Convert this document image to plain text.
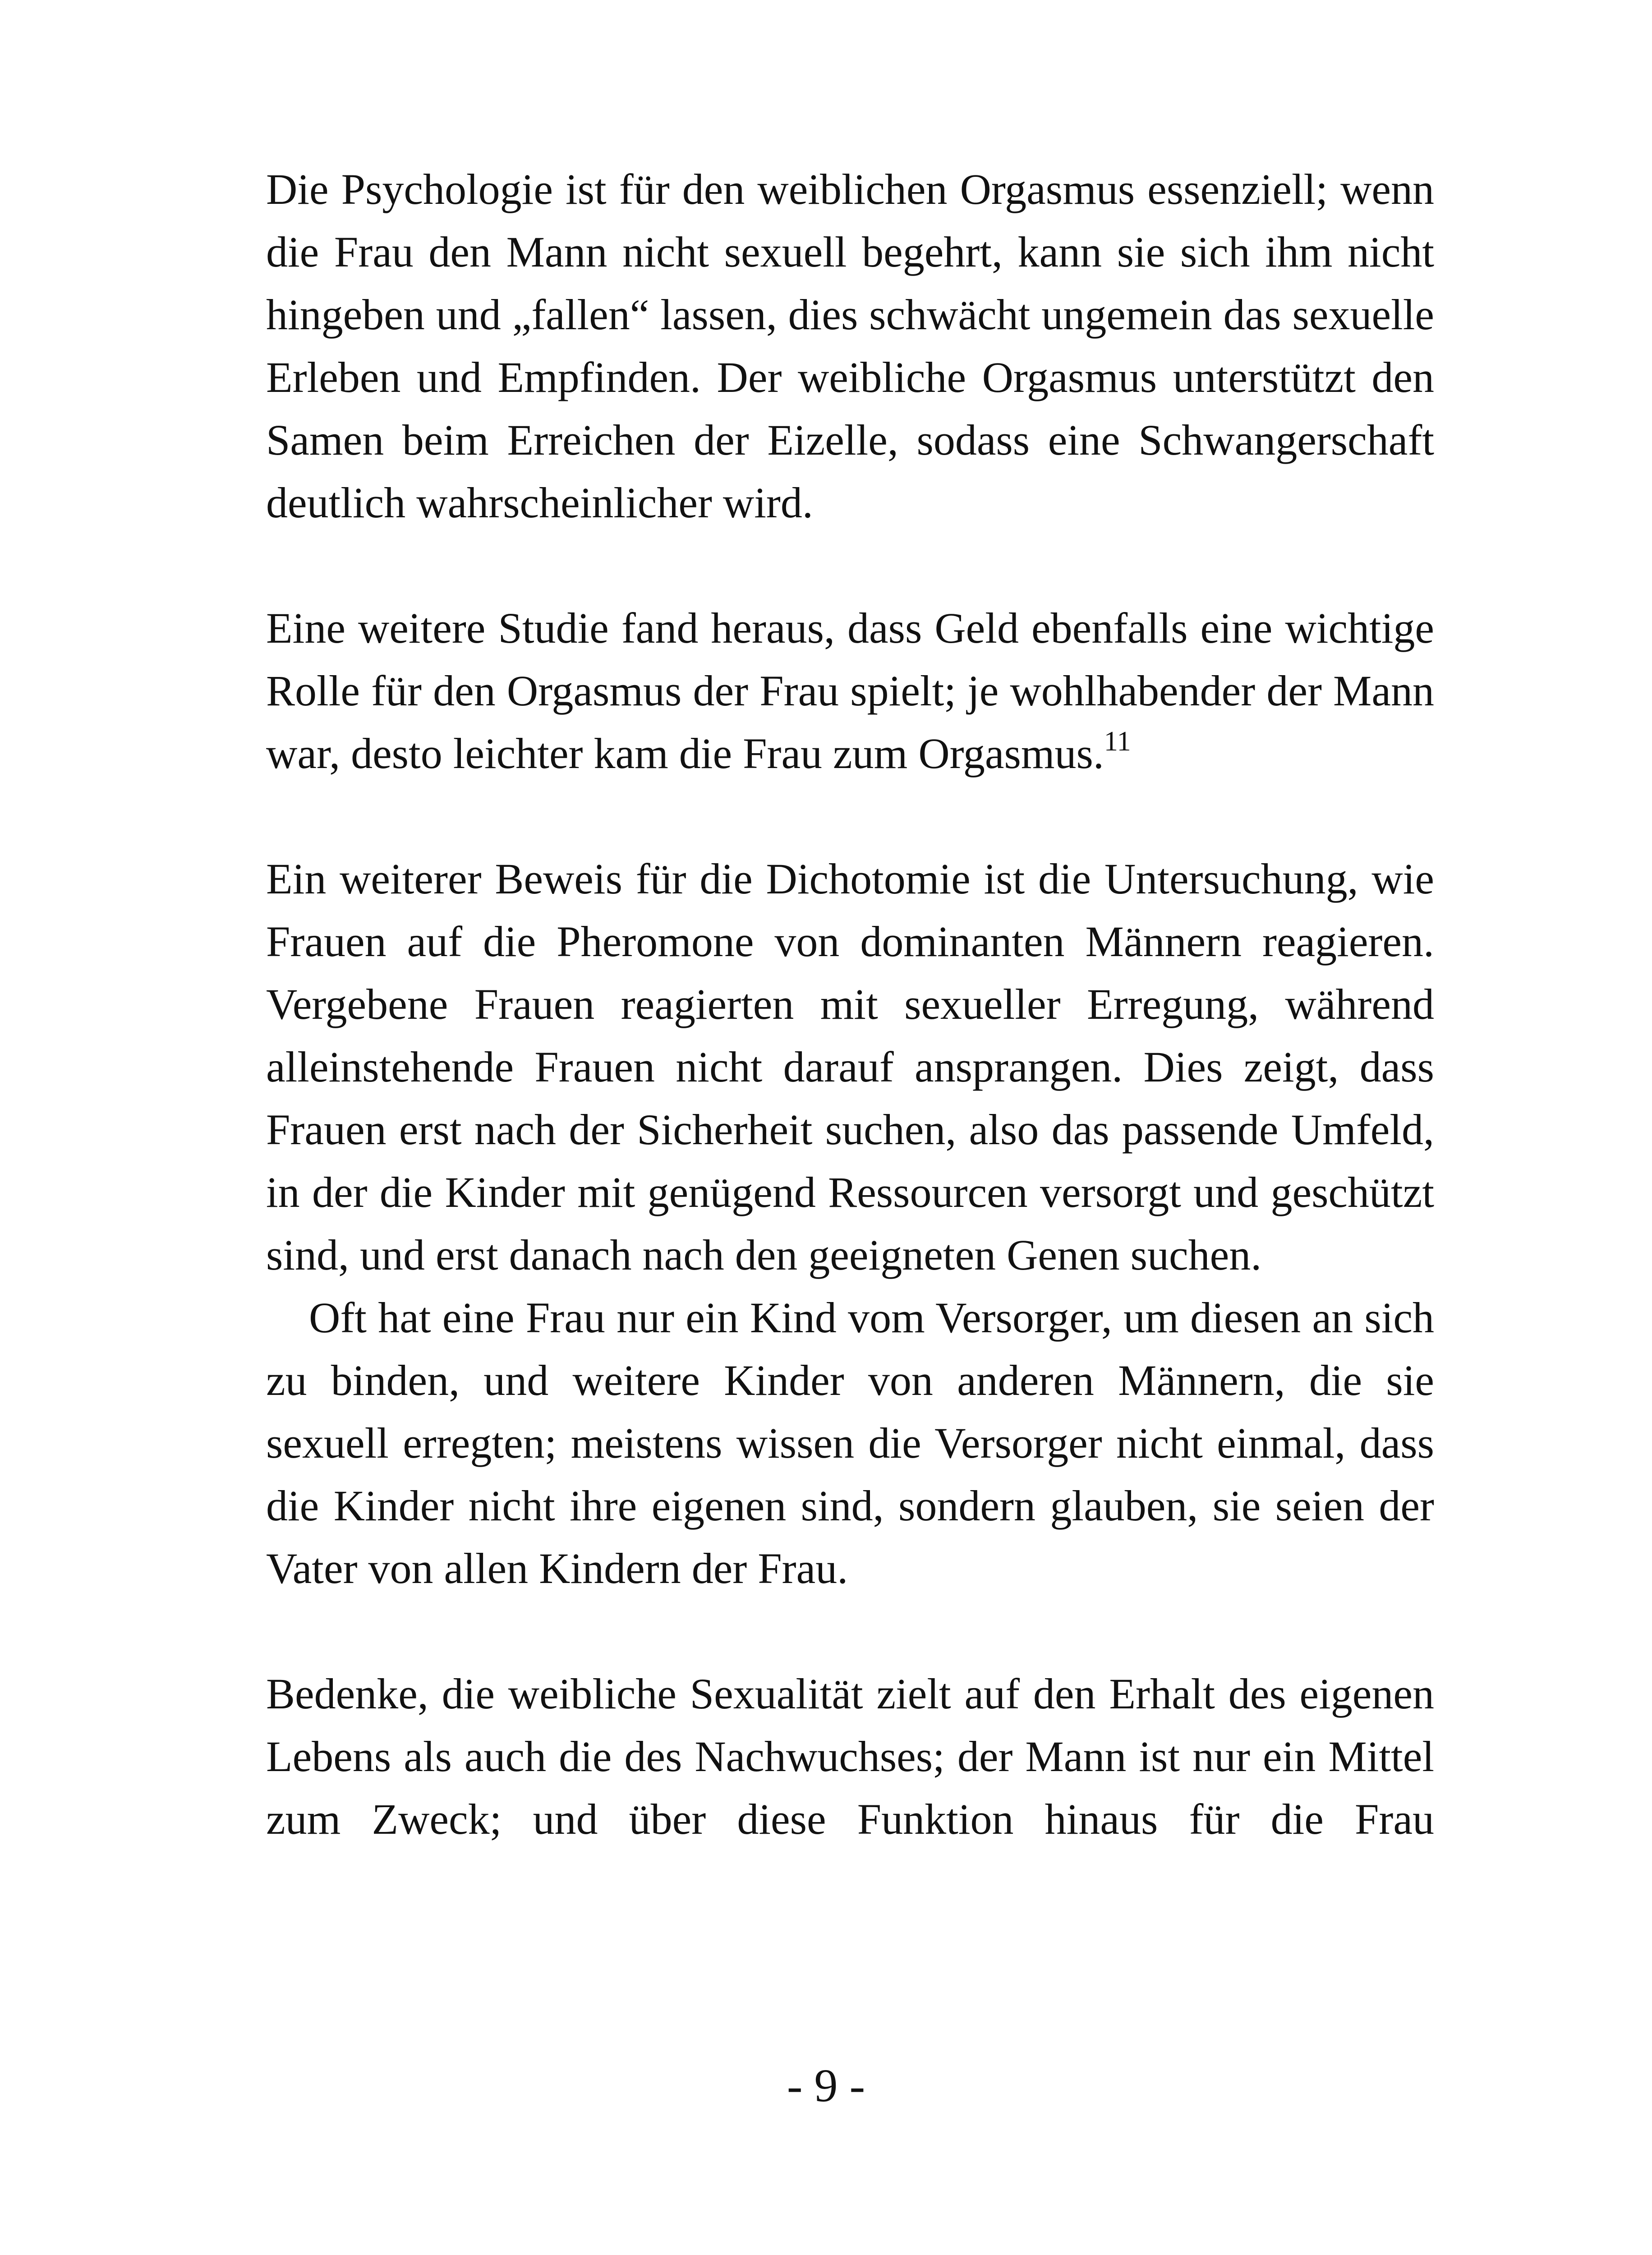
Die Psychologie ist für den weiblichen Orgasmus essenziell; wenn die Frau den Mann nicht sexuell begehrt, kann sie sich ihm nicht hingeben und „fallen“ lassen, dies schwächt ungemein das sexuelle Erleben und Empfinden. Der weibliche Orgasmus unterstützt den Samen beim Erreichen der Eizelle, sodass eine Schwangerschaft deutlich wahrscheinlicher wird.

Eine weitere Studie fand heraus, dass Geld ebenfalls eine wichtige Rolle für den Orgasmus der Frau spielt; je wohlhabender der Mann war, desto leichter kam die Frau zum Orgasmus.$^{11}$

Ein weiterer Beweis für die Dichotomie ist die Untersuchung, wie Frauen auf die Pheromone von dominanten Männern reagieren. Vergebene Frauen reagierten mit sexueller Erregung, während alleinstehende Frauen nicht darauf ansprangen. Dies zeigt, dass Frauen erst nach der Sicherheit suchen, also das passende Umfeld, in der die Kinder mit genügend Ressourcen versorgt und geschützt sind, und erst danach nach den geeigneten Genen suchen.

Oft hat eine Frau nur ein Kind vom Versorger, um diesen an sich zu binden, und weitere Kinder von anderen Männern, die sie sexuell erregten; meistens wissen die Versorger nicht einmal, dass die Kinder nicht ihre eigenen sind, sondern glauben, sie seien der Vater von allen Kindern der Frau.

Bedenke, die weibliche Sexualität zielt auf den Erhalt des eigenen Lebens als auch die des Nachwuchses; der Mann ist nur ein Mittel zum Zweck; und über diese Funktion hinaus für die Frau

- 9 -
